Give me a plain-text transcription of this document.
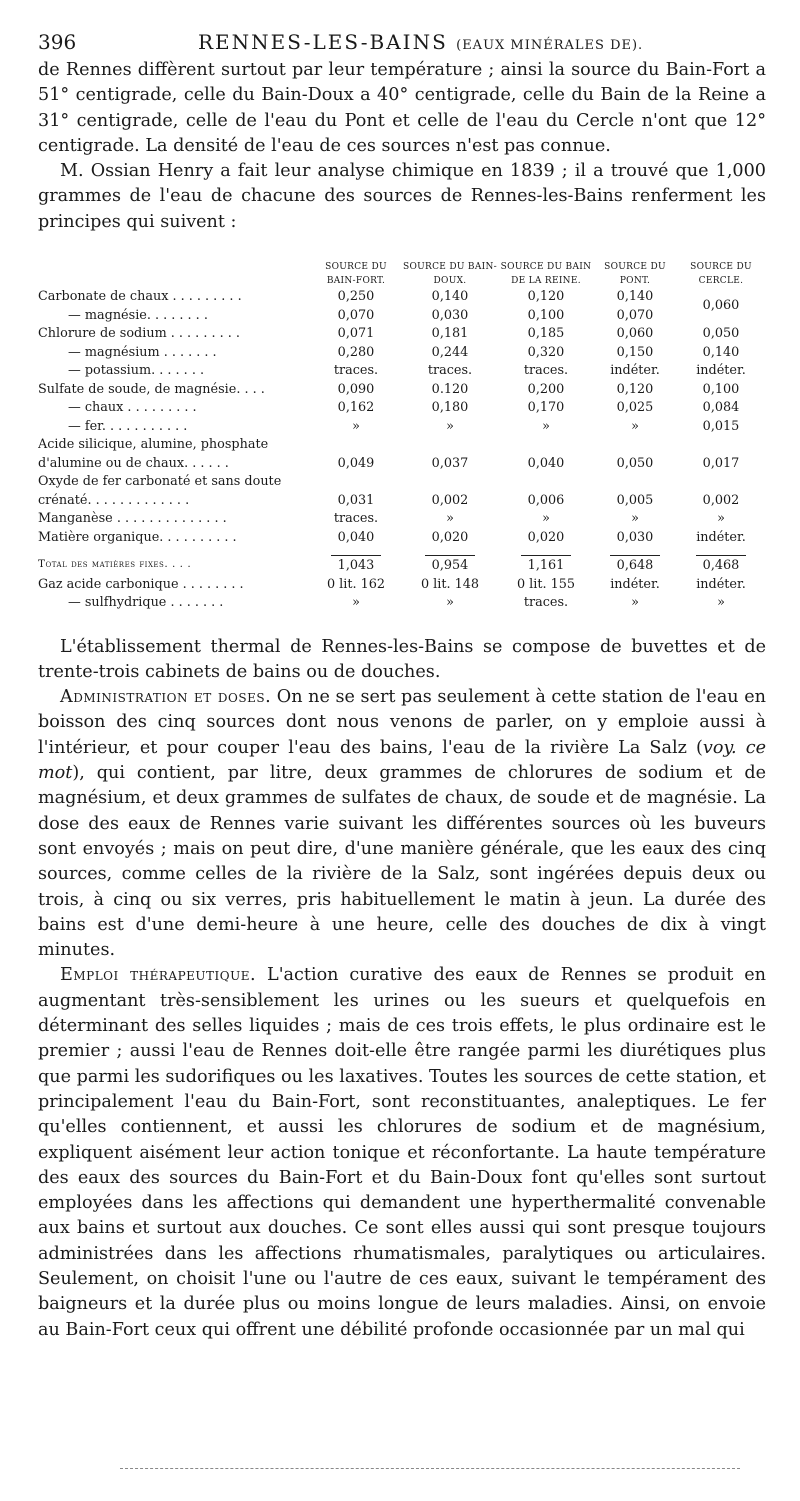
396	RENNES-LES-BAINS (EAUX MINÉRALES DE).

de Rennes diffèrent surtout par leur température ; ainsi la source du Bain-Fort a 51° centigrade, celle du Bain-Doux a 40° centigrade, celle du Bain de la Reine a 31° centigrade, celle de l'eau du Pont et celle de l'eau du Cercle n'ont que 12° centigrade. La densité de l'eau de ces sources n'est pas connue.

M. Ossian Henry a fait leur analyse chimique en 1839 ; il a trouvé que 1,000 grammes de l'eau de chacune des sources de Rennes-les-Bains renferment les principes qui suivent :

	SOURCE DU BAIN-FORT.	SOURCE DU BAIN-DOUX.	SOURCE DU BAIN DE LA REINE.	SOURCE DU PONT.	SOURCE DU CERCLE.
Carbonate de chaux . . . . . . . . .	0,250	0,140	0,120	0,140	0,060
— magnésie. . . . . . . .	0,070	0,030	0,100	0,070	
Chlorure de sodium . . . . . . . . .	0,071	0,181	0,185	0,060	0,050
— magnésium . . . . . . .	0,280	0,244	0,320	0,150	0,140
— potassium. . . . . . .	traces.	traces.	traces.	indéter.	indéter.
Sulfate de soude, de magnésie. . . .	0,090	0.120	0,200	0,120	0,100
— chaux . . . . . . . . .	0,162	0,180	0,170	0,025	0,084
— fer. . . . . . . . . . .	»	»	»	»	0,015
Acide silicique, alumine, phosphate d'alumine ou de chaux. . . . . .	0,049	0,037	0,040	0,050	0,017
Oxyde de fer carbonaté et sans doute crénaté. . . . . . . . . . . . .	0,031	0,002	0,006	0,005	0,002
Manganèse . . . . . . . . . . . . . .	traces.	»	»	»	»
Matière organique. . . . . . . . . .	0,040	0,020	0,020	0,030	indéter.
Total des matières fixes. . . .	1,043	0,954	1,161	0,648	0,468
Gaz acide carbonique . . . . . . . .	0 lit. 162	0 lit. 148	0 lit. 155	indéter.	indéter.
— sulfhydrique . . . . . . .	»	»	traces.	»	»

L'établissement thermal de Rennes-les-Bains se compose de buvettes et de trente-trois cabinets de bains ou de douches.

Administration et doses. On ne se sert pas seulement à cette station de l'eau en boisson des cinq sources dont nous venons de parler, on y emploie aussi à l'intérieur, et pour couper l'eau des bains, l'eau de la rivière La Salz (voy. ce mot), qui contient, par litre, deux grammes de chlorures de sodium et de magnésium, et deux grammes de sulfates de chaux, de soude et de magnésie. La dose des eaux de Rennes varie suivant les différentes sources où les buveurs sont envoyés ; mais on peut dire, d'une manière générale, que les eaux des cinq sources, comme celles de la rivière de la Salz, sont ingérées depuis deux ou trois, à cinq ou six verres, pris habituellement le matin à jeun. La durée des bains est d'une demi-heure à une heure, celle des douches de dix à vingt minutes.

Emploi thérapeutique. L'action curative des eaux de Rennes se produit en augmentant très-sensiblement les urines ou les sueurs et quelquefois en déterminant des selles liquides ; mais de ces trois effets, le plus ordinaire est le premier ; aussi l'eau de Rennes doit-elle être rangée parmi les diurétiques plus que parmi les sudorifiques ou les laxatives. Toutes les sources de cette station, et principalement l'eau du Bain-Fort, sont reconstituantes, analeptiques. Le fer qu'elles contiennent, et aussi les chlorures de sodium et de magnésium, expliquent aisément leur action tonique et réconfortante. La haute température des eaux des sources du Bain-Fort et du Bain-Doux font qu'elles sont surtout employées dans les affections qui demandent une hyperthermalité convenable aux bains et surtout aux douches. Ce sont elles aussi qui sont presque toujours administrées dans les affections rhumatismales, paralytiques ou articulaires. Seulement, on choisit l'une ou l'autre de ces eaux, suivant le tempérament des baigneurs et la durée plus ou moins longue de leurs maladies. Ainsi, on envoie au Bain-Fort ceux qui offrent une débilité profonde occasionnée par un mal qui
